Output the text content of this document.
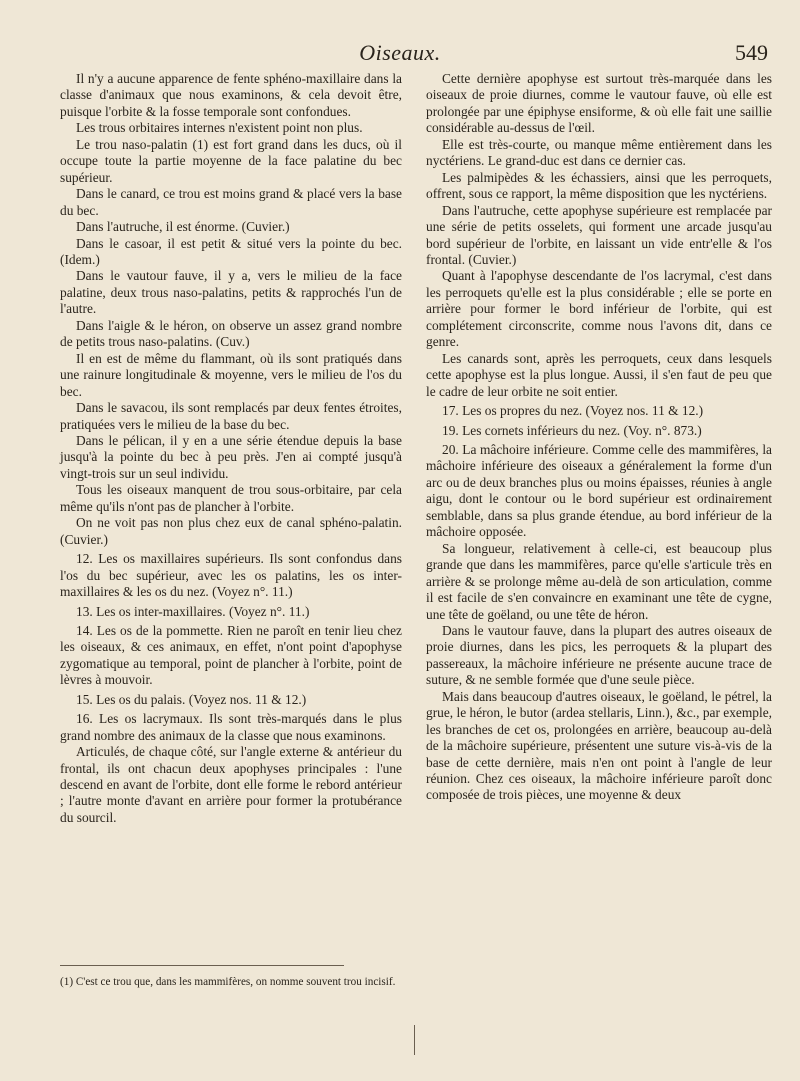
Oiseaux.	549

Il n'y a aucune apparence de fente sphéno-maxillaire dans la classe d'animaux que nous examinons, & cela devoit être, puisque l'orbite & la fosse temporale sont confondues.

Les trous orbitaires internes n'existent point non plus.

Le trou naso-palatin (1) est fort grand dans les ducs, où il occupe toute la partie moyenne de la face palatine du bec supérieur.

Dans le canard, ce trou est moins grand & placé vers la base du bec.

Dans l'autruche, il est énorme. (Cuvier.)

Dans le casoar, il est petit & situé vers la pointe du bec. (Idem.)

Dans le vautour fauve, il y a, vers le milieu de la face palatine, deux trous naso-palatins, petits & rapprochés l'un de l'autre.

Dans l'aigle & le héron, on observe un assez grand nombre de petits trous naso-palatins. (Cuv.)

Il en est de même du flammant, où ils sont pratiqués dans une rainure longitudinale & moyenne, vers le milieu de l'os du bec.

Dans le savacou, ils sont remplacés par deux fentes étroites, pratiquées vers le milieu de la base du bec.

Dans le pélican, il y en a une série étendue depuis la base jusqu'à la pointe du bec à peu près. J'en ai compté jusqu'à vingt-trois sur un seul individu.

Tous les oiseaux manquent de trou sous-orbitaire, par cela même qu'ils n'ont pas de plancher à l'orbite.

On ne voit pas non plus chez eux de canal sphéno-palatin. (Cuvier.)

12. Les os maxillaires supérieurs. Ils sont confondus dans l'os du bec supérieur, avec les os palatins, les os inter-maxillaires & les os du nez. (Voyez n°. 11.)

13. Les os inter-maxillaires. (Voyez n°. 11.)

14. Les os de la pommette. Rien ne paroît en tenir lieu chez les oiseaux, & ces animaux, en effet, n'ont point d'apophyse zygomatique au temporal, point de plancher à l'orbite, point de lèvres à mouvoir.

15. Les os du palais. (Voyez nos. 11 & 12.)

16. Les os lacrymaux. Ils sont très-marqués dans le plus grand nombre des animaux de la classe que nous examinons.

Articulés, de chaque côté, sur l'angle externe & antérieur du frontal, ils ont chacun deux apophyses principales : l'une descend en avant de l'orbite, dont elle forme le rebord antérieur ; l'autre monte d'avant en arrière pour former la protubérance du sourcil.

(1) C'est ce trou que, dans les mammifères, on nomme souvent trou incisif.

Cette dernière apophyse est surtout très-marquée dans les oiseaux de proie diurnes, comme le vautour fauve, où elle est prolongée par une épiphyse ensiforme, & où elle fait une saillie considérable au-dessus de l'œil.

Elle est très-courte, ou manque même entièrement dans les nyctériens. Le grand-duc est dans ce dernier cas.

Les palmipèdes & les échassiers, ainsi que les perroquets, offrent, sous ce rapport, la même disposition que les nyctériens.

Dans l'autruche, cette apophyse supérieure est remplacée par une série de petits osselets, qui forment une arcade jusqu'au bord supérieur de l'orbite, en laissant un vide entr'elle & l'os frontal. (Cuvier.)

Quant à l'apophyse descendante de l'os lacrymal, c'est dans les perroquets qu'elle est la plus considérable ; elle se porte en arrière pour former le bord inférieur de l'orbite, qui est complétement circonscrite, comme nous l'avons dit, dans ce genre.

Les canards sont, après les perroquets, ceux dans lesquels cette apophyse est la plus longue. Aussi, il s'en faut de peu que le cadre de leur orbite ne soit entier.

17. Les os propres du nez. (Voyez nos. 11 & 12.)

19. Les cornets inférieurs du nez. (Voy. n°. 873.)

20. La mâchoire inférieure. Comme celle des mammifères, la mâchoire inférieure des oiseaux a généralement la forme d'un arc ou de deux branches plus ou moins épaisses, réunies à angle aigu, dont le contour ou le bord supérieur est ordinairement semblable, dans sa plus grande étendue, au bord inférieur de la mâchoire opposée.

Sa longueur, relativement à celle-ci, est beaucoup plus grande que dans les mammifères, parce qu'elle s'articule très en arrière & se prolonge même au-delà de son articulation, comme il est facile de s'en convaincre en examinant une tête de cygne, une tête de goëland, ou une tête de héron.

Dans le vautour fauve, dans la plupart des autres oiseaux de proie diurnes, dans les pics, les perroquets & la plupart des passereaux, la mâchoire inférieure ne présente aucune trace de suture, & ne semble formée que d'une seule pièce.

Mais dans beaucoup d'autres oiseaux, le goëland, le pétrel, la grue, le héron, le butor (ardea stellaris, Linn.), &c., par exemple, les branches de cet os, prolongées en arrière, beaucoup au-delà de la mâchoire supérieure, présentent une suture vis-à-vis de la base de cette dernière, mais n'en ont point à l'angle de leur réunion. Chez ces oiseaux, la mâchoire inférieure paroît donc composée de trois pièces, une moyenne & deux
